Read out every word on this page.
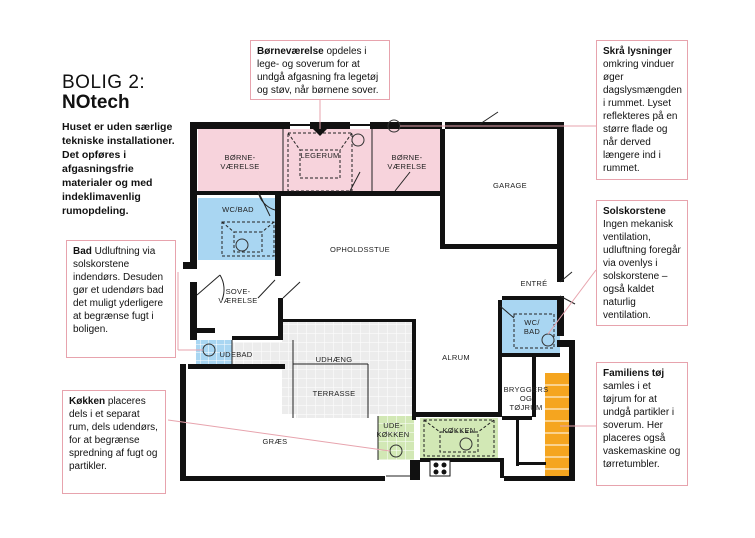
BOLIG 2:
NOtech
Huset er uden særlige tekniske installationer. Det opføres i afgasningsfrie materialer og med indeklimavenlig rumopdeling.
BØRNE-VÆRELSE
LEGERUM	BØRNE-VÆRELSE
GARAGE
WC/BAD
OPHOLDSSTUE
ENTRÉ
SOVE-VÆRELSE
WC/ BAD
UDEBAD
UDHÆNG	ALRUM
TERRASSE	BRYGGERS OG TØJRUM
GRÆS
UDE-KØKKEN	KØKKEN
Børneværelse opdeles i lege- og soverum for at undgå afgasning fra legetøj og støv, når børnene sover.
Skrå lysninger omkring vinduer øger dagslysmængden i rummet. Lyset reflekteres på en større flade og når derved længere ind i rummet.
Solskorstene Ingen mekanisk ventilation, udluftning foregår via ovenlys i solskorstene – også kaldet naturlig ventilation.
Bad Udluftning via solskorstene indendørs. Desuden gør et udendørs bad det muligt yderligere at begrænse fugt i boligen.
Familiens tøj samles i et tøjrum for at undgå partikler i soverum. Her placeres også vaskemaskine og tørretumbler.
Køkken placeres dels i et separat rum, dels udendørs, for at begrænse spredning af fugt og partikler.
